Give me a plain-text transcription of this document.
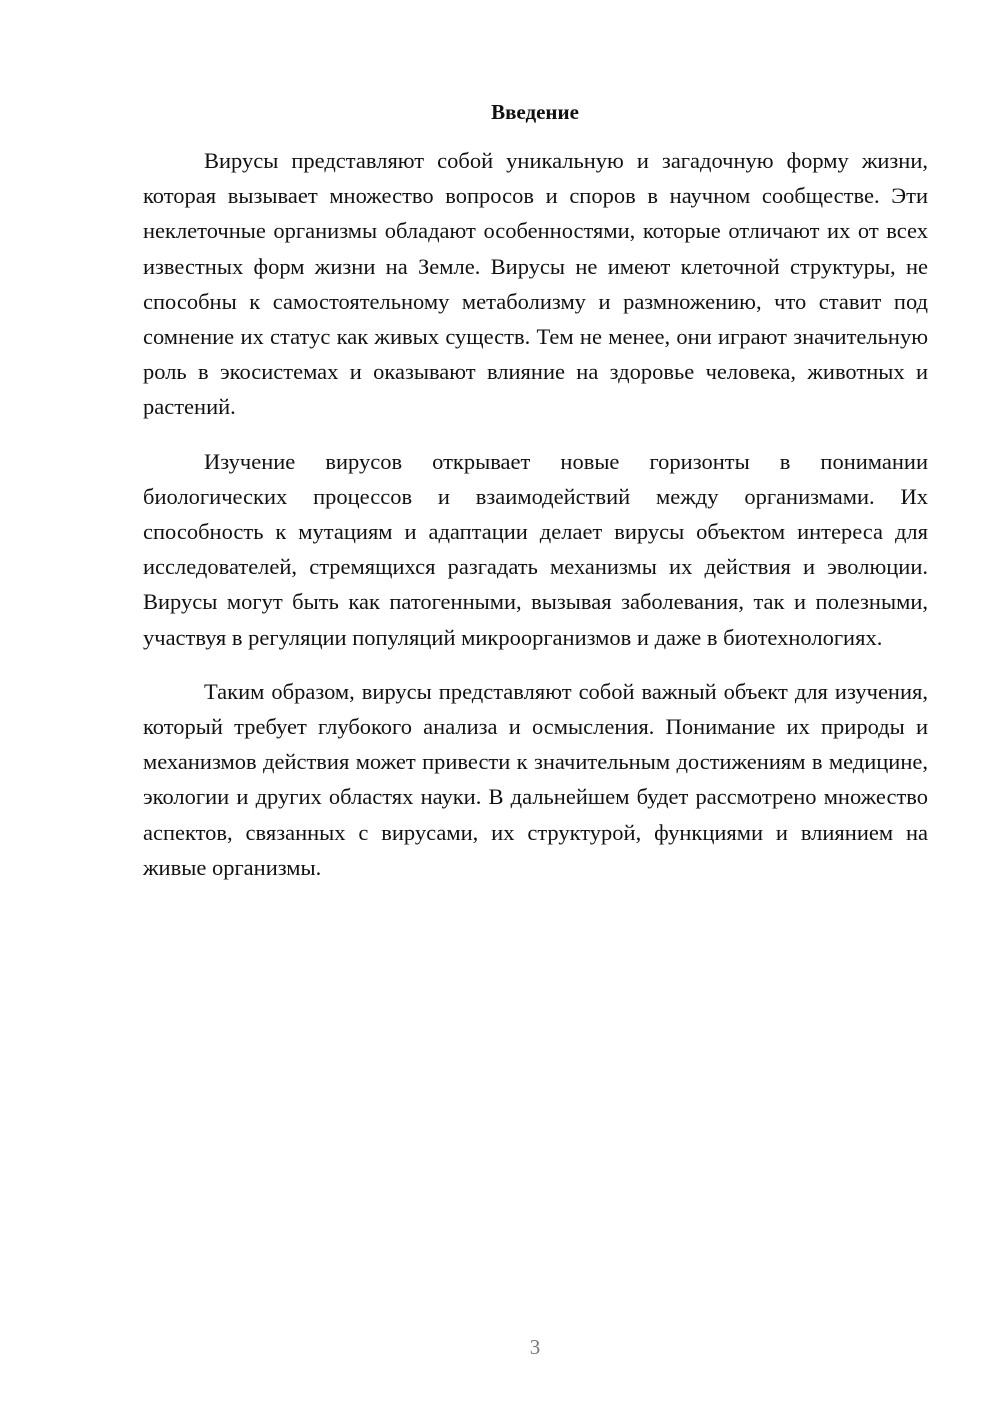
Введение

Вирусы представляют собой уникальную и загадочную форму жизни, которая вызывает множество вопросов и споров в научном сообществе. Эти неклеточные организмы обладают особенностями, которые отличают их от всех известных форм жизни на Земле. Вирусы не имеют клеточной структуры, не способны к самостоятельному метаболизму и размножению, что ставит под сомнение их статус как живых существ. Тем не менее, они играют значительную роль в экосистемах и оказывают влияние на здоровье человека, животных и растений.

Изучение вирусов открывает новые горизонты в понимании биологических процессов и взаимодействий между организмами. Их способность к мутациям и адаптации делает вирусы объектом интереса для исследователей, стремящихся разгадать механизмы их действия и эволюции. Вирусы могут быть как патогенными, вызывая заболевания, так и полезными, участвуя в регуляции популяций микроорганизмов и даже в биотехнологиях.

Таким образом, вирусы представляют собой важный объект для изучения, который требует глубокого анализа и осмысления. Понимание их природы и механизмов действия может привести к значительным достижениям в медицине, экологии и других областях науки. В дальнейшем будет рассмотрено множество аспектов, связанных с вирусами, их структурой, функциями и влиянием на живые организмы.

3
